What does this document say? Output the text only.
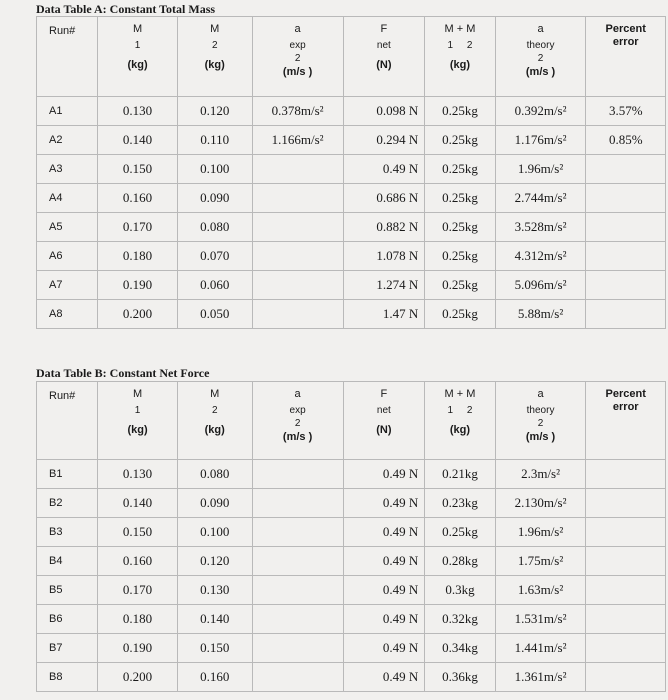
Data Table A: Constant Total Mass
Run#	M
1
(kg)	M
2
(kg)	a
exp
2
(m/s )	F
net
(N)	M + M
1     2
(kg)	a
theory
2
(m/s )	Percent
error

A1	0.130	0.120	0.378m/s²	0.098 N	0.25kg	0.392m/s²	3.57%
A2	0.140	0.110	1.166m/s²	0.294 N	0.25kg	1.176m/s²	0.85%
A3	0.150	0.100		0.49 N	0.25kg	1.96m/s²	
A4	0.160	0.090		0.686 N	0.25kg	2.744m/s²	
A5	0.170	0.080		0.882 N	0.25kg	3.528m/s²	
A6	0.180	0.070		1.078 N	0.25kg	4.312m/s²	
A7	0.190	0.060		1.274 N	0.25kg	5.096m/s²	
A8	0.200	0.050		1.47 N	0.25kg	5.88m/s²	
Data Table B: Constant Net Force
Run#	M
1
(kg)	M
2
(kg)	a
exp
2
(m/s )	F
net
(N)	M + M
1     2
(kg)	a
theory
2
(m/s )	Percent
error

B1	0.130	0.080		0.49 N	0.21kg	2.3m/s²	
B2	0.140	0.090		0.49 N	0.23kg	2.130m/s²	
B3	0.150	0.100		0.49 N	0.25kg	1.96m/s²	
B4	0.160	0.120		0.49 N	0.28kg	1.75m/s²	
B5	0.170	0.130		0.49 N	0.3kg	1.63m/s²	
B6	0.180	0.140		0.49 N	0.32kg	1.531m/s²	
B7	0.190	0.150		0.49 N	0.34kg	1.441m/s²	
B8	0.200	0.160		0.49 N	0.36kg	1.361m/s²	
